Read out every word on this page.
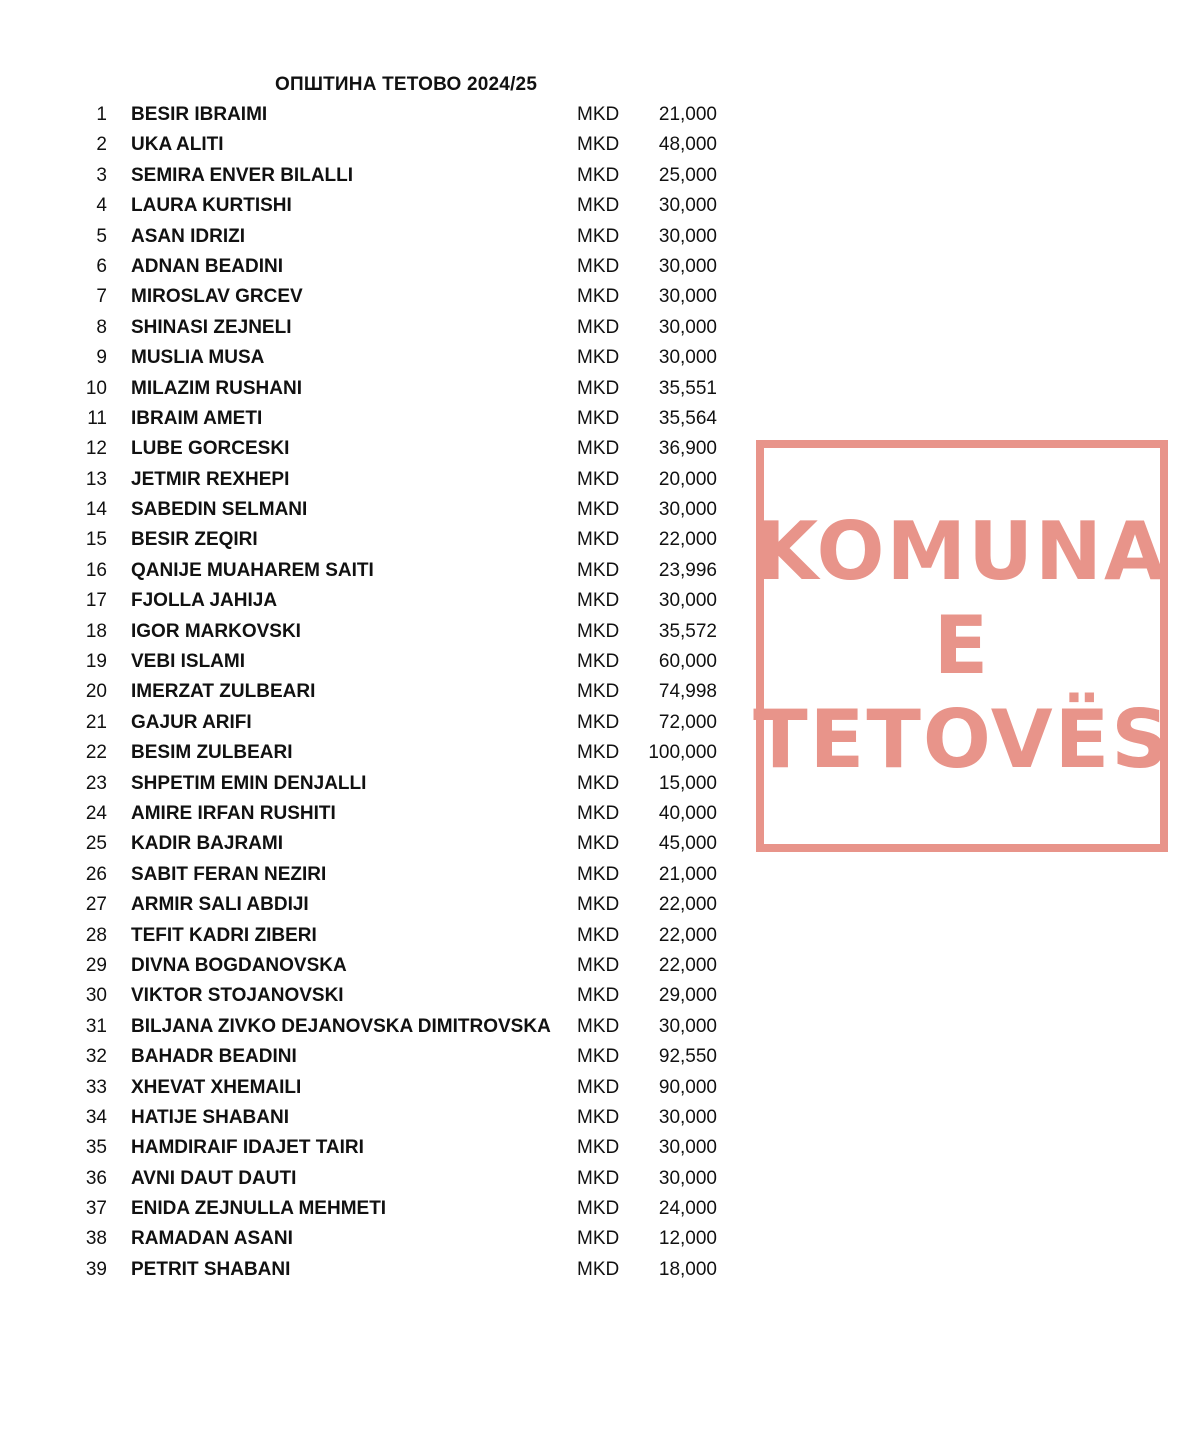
ОПШТИНА ТЕТОВО 2024/25
1 BESIR IBRAIMI	MKD	21,000
2 UKA ALITI	MKD	48,000
3 SEMIRA ENVER BILALLI	MKD	25,000
4 LAURA KURTISHI	MKD	30,000
5 ASAN IDRIZI	MKD	30,000
6 ADNAN BEADINI	MKD	30,000
7 MIROSLAV GRCEV	MKD	30,000
8 SHINASI ZEJNELI	MKD	30,000
9 MUSLIA MUSA	MKD	30,000
10 MILAZIM RUSHANI	MKD	35,551
11 IBRAIM AMETI	MKD	35,564
12 LUBE GORCESKI	MKD	36,900
13 JETMIR REXHEPI	MKD	20,000
14 SABEDIN SELMANI	MKD	30,000
15 BESIR ZEQIRI	MKD	22,000
16 QANIJE MUAHAREM SAITI	MKD	23,996
17 FJOLLA JAHIJA	MKD	30,000
18 IGOR MARKOVSKI	MKD	35,572
19 VEBI ISLAMI	MKD	60,000
20 IMERZAT ZULBEARI	MKD	74,998
21 GAJUR ARIFI	MKD	72,000
22 BESIM ZULBEARI	MKD	100,000
23 SHPETIM EMIN DENJALLI	MKD	15,000
24 AMIRE IRFAN RUSHITI	MKD	40,000
25 KADIR BAJRAMI	MKD	45,000
26 SABIT FERAN NEZIRI	MKD	21,000
27 ARMIR SALI ABDIJI	MKD	22,000
28 TEFIT KADRI ZIBERI	MKD	22,000
29 DIVNA BOGDANOVSKA	MKD	22,000
30 VIKTOR STOJANOVSKI	MKD	29,000
31 BILJANA ZIVKO DEJANOVSKA DIMITROVSKA MKD	30,000
32 BAHADR BEADINI	MKD	92,550
33 XHEVAT XHEMAILI	MKD	90,000
34 HATIJE SHABANI	MKD	30,000
35 HAMDIRAIF IDAJET TAIRI	MKD	30,000
36 AVNI DAUT DAUTI	MKD	30,000
37 ENIDA ZEJNULLA MEHMETI	MKD	24,000
38 RAMADAN ASANI	MKD	12,000
39 PETRIT SHABANI	MKD	18,000
KOMUNA
E
TETOVËS
